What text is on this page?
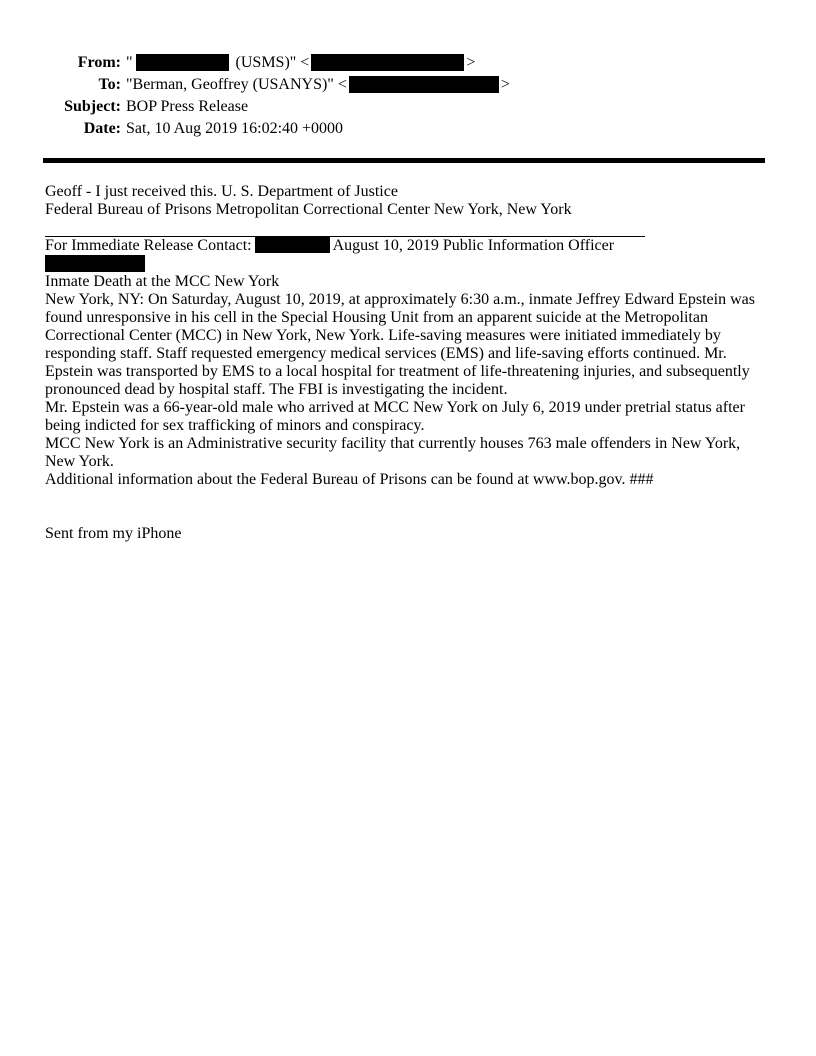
From: "	(USMS)" <	>
To: "Berman, Geoffrey (USANYS)" <	>
Subject: BOP Press Release
Date: Sat, 10 Aug 2019 16:02:40 +0000
Geoff - I just received this. U. S. Department of Justice
Federal Bureau of Prisons Metropolitan Correctional Center New York, New York
For Immediate Release Contact:	August 10, 2019 Public Information Officer
Inmate Death at the MCC New York
New York, NY: On Saturday, August 10, 2019, at approximately 6:30 a.m., inmate Jeffrey Edward Epstein was
found unresponsive in his cell in the Special Housing Unit from an apparent suicide at the Metropolitan
Correctional Center (MCC) in New York, New York. Life-saving measures were initiated immediately by
responding staff. Staff requested emergency medical services (EMS) and life-saving efforts continued. Mr.
Epstein was transported by EMS to a local hospital for treatment of life-threatening injuries, and subsequently
pronounced dead by hospital staff. The FBI is investigating the incident.
Mr. Epstein was a 66-year-old male who arrived at MCC New York on July 6, 2019 under pretrial status after
being indicted for sex trafficking of minors and conspiracy.
MCC New York is an Administrative security facility that currently houses 763 male offenders in New York,
New York.
Additional information about the Federal Bureau of Prisons can be found at www.bop.gov. ###
Sent from my iPhone
